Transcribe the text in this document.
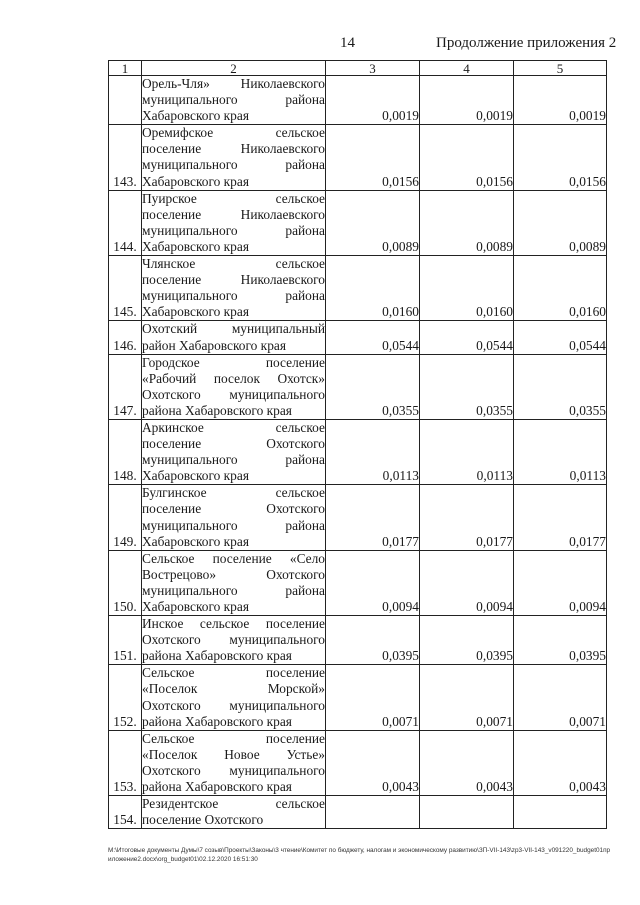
14	Продолжение приложения 2
1	2	3	4	5

	Орель-Чля» Николаевского
муниципального района
Хабаровского края	0,0019	0,0019	0,0019
143.	Оремифское сельское
поселение Николаевского
муниципального района
Хабаровского края	0,0156	0,0156	0,0156
144.	Пуирское сельское
поселение Николаевского
муниципального района
Хабаровского края	0,0089	0,0089	0,0089
145.	Члянское сельское
поселение Николаевского
муниципального района
Хабаровского края	0,0160	0,0160	0,0160
146.	Охотский муниципальный
район Хабаровского края	0,0544	0,0544	0,0544
147.	Городское поселение
«Рабочий поселок Охотск»
Охотского муниципального
района Хабаровского края	0,0355	0,0355	0,0355
148.	Аркинское сельское
поселение Охотского
муниципального района
Хабаровского края	0,0113	0,0113	0,0113
149.	Булгинское сельское
поселение Охотского
муниципального района
Хабаровского края	0,0177	0,0177	0,0177
150.	Сельское поселение «Село
Вострецово» Охотского
муниципального района
Хабаровского края	0,0094	0,0094	0,0094
151.	Инское сельское поселение
Охотского муниципального
района Хабаровского края	0,0395	0,0395	0,0395
152.	Сельское поселение
«Поселок Морской»
Охотского муниципального
района Хабаровского края	0,0071	0,0071	0,0071
153.	Сельское поселение
«Поселок Новое Устье»
Охотского муниципального
района Хабаровского края	0,0043	0,0043	0,0043
154.	Резидентское сельское
поселение Охотского			

M:\Итоговые документы Думы\7 созыв\Проекты\Законы\3 чтение\Комитет по бюджету, налогам и экономическому развитию\ЗП-VII-143\zp3-VII-143_v091220_budget01приложение2.docx\org_budget01\02.12.2020 16:51:30
